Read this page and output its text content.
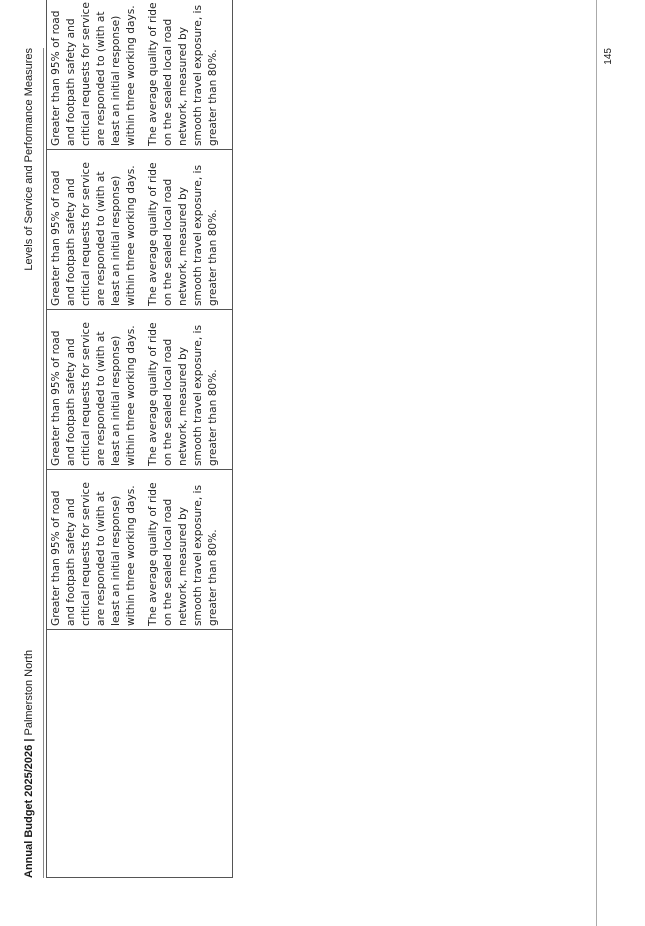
Annual Budget 2025/2026 | Palmerston North
Levels of Service and Performance Measures

Greater than 95% of road and footpath safety and critical requests for service are responded to (with at least an initial response) within three working days. The average quality of ride on the sealed local road network, measured by smooth travel exposure, is greater than 80%.

Greater than 95% of road and footpath safety and critical requests for service are responded to (with at least an initial response) within three working days. The average quality of ride on the sealed local road network, measured by smooth travel exposure, is greater than 80%.

Greater than 95% of road and footpath safety and critical requests for service are responded to (with at least an initial response) within three working days. The average quality of ride on the sealed local road network, measured by smooth travel exposure, is greater than 80%.

Greater than 95% of road and footpath safety and critical requests for service are responded to (with at least an initial response) within three working days. The average quality of ride on the sealed local road network, measured by smooth travel exposure, is greater than 80%.	145
